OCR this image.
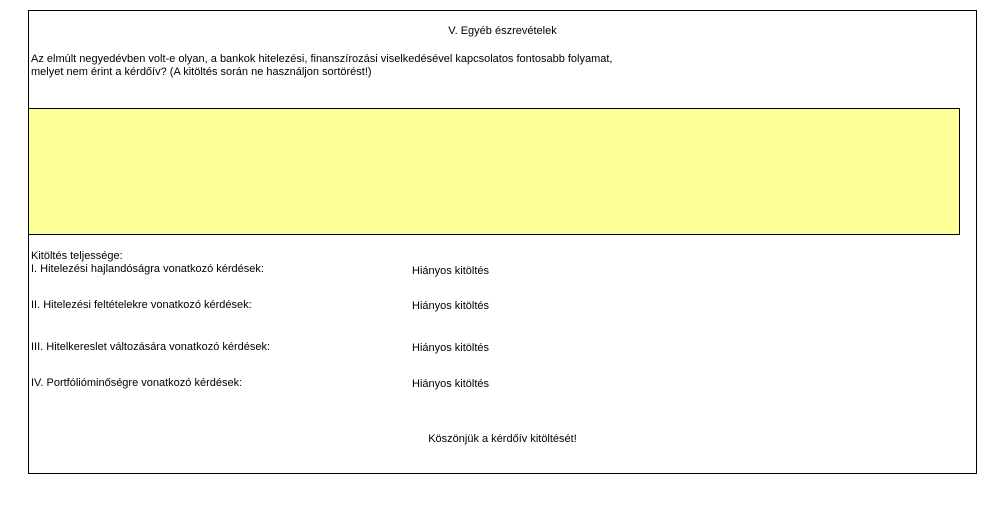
V. Egyéb észrevételek
Az elmúlt negyedévben volt-e olyan, a bankok hitelezési, finanszírozási viselkedésével kapcsolatos fontosabb folyamat,
melyet nem érint a kérdőív? (A kitöltés során ne használjon sortörést!)
Kitöltés teljessége:
I. Hitelezési hajlandóságra vonatkozó kérdések:	Hiányos kitöltés
II. Hitelezési feltételekre vonatkozó kérdések:	Hiányos kitöltés
III. Hitelkereslet változására vonatkozó kérdések:	Hiányos kitöltés
IV. Portfólióminőségre vonatkozó kérdések:	Hiányos kitöltés
Köszönjük a kérdőív kitöltését!
